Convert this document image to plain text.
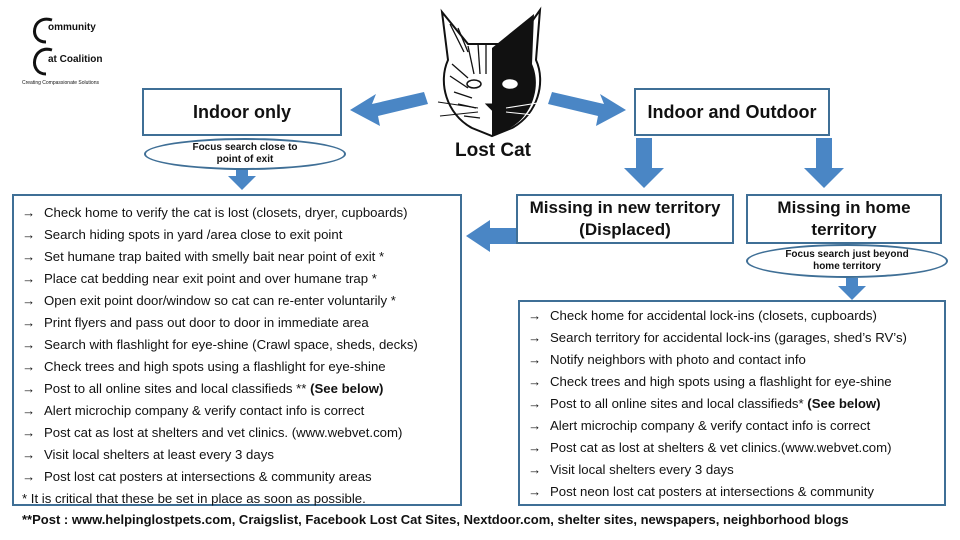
ommunity
at Coalition
Creating Compassionate Solutions
Lost Cat
Indoor only
Focus search close to point of exit
Indoor and Outdoor
Missing in new territory (Displaced)
Missing in home territory
Focus search just beyond home territory
→ Check home to verify the cat is lost (closets, dryer, cupboards)
→ Search hiding spots in yard /area close to exit point
→ Set humane trap baited with smelly bait near point of exit *
→ Place cat bedding near exit point and over humane trap *
→ Open exit point door/window so cat can re-enter voluntarily *
→ Print flyers and pass out door to door in immediate area
→ Search with flashlight for eye-shine (Crawl space, sheds, decks)
→ Check trees and high spots using a flashlight for eye-shine
→ Post to all online sites and local classifieds ** (See below)
→ Alert microchip company & verify contact info is correct
→ Post cat as lost at shelters and vet clinics. (www.webvet.com)
→ Visit local shelters at least every 3 days
→ Post lost cat posters at intersections & community areas
* It is critical that these be set in place as soon as possible.
→ Check home for accidental lock-ins (closets, cupboards)
→ Search territory for accidental lock-ins (garages, shed’s RV’s)
→ Notify neighbors with photo and contact info
→ Check trees and high spots using a flashlight for eye-shine
→ Post to all online sites and local classifieds* (See below)
→ Alert microchip company & verify contact info is correct
→ Post cat as lost at shelters & vet clinics.(www.webvet.com)
→ Visit local shelters every 3 days
→ Post neon lost cat posters at intersections & community
**Post : www.helpinglostpets.com, Craigslist, Facebook Lost Cat Sites, Nextdoor.com, shelter sites, newspapers, neighborhood blogs
